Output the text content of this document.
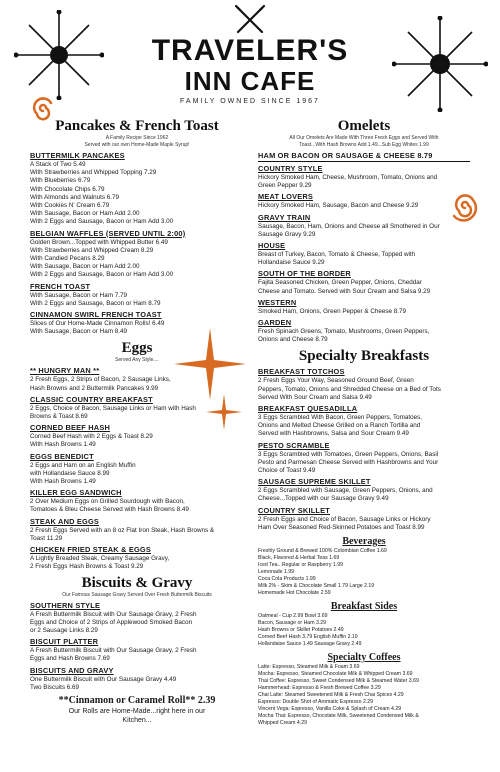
TRAVELER'S
INN CAFE
FAMILY OWNED SINCE 1967
Pancakes & French Toast
A Family Recipe Since 1962
Served with our own Home-Made Maple Syrup!
BUTTERMILK PANCAKES
A Stack of Two 5.49
With Strawberries and Whipped Topping 7.29
With Blueberries 6.79
With Chocolate Chips 6.79
With Almonds and Walnuts 6.79
With Cookies N' Cream 6.79
With Sausage, Bacon or Ham Add 2.00
With 2 Eggs and Sausage, Bacon or Ham Add 3.00
BELGIAN WAFFLES (SERVED UNTIL 2:00)
Golden Brown...Topped with Whipped Butter 6.49
With Strawberries and Whipped Cream 8.29
With Candied Pecans 8.29
With Sausage, Bacon or Ham Add 2.00
With 2 Eggs and Sausage, Bacon or Ham Add 3.00
FRENCH TOAST
With Sausage, Bacon or Ham 7.79
With 2 Eggs and Sausage, Bacon or Ham 8.79
CINNAMON SWIRL FRENCH TOAST
Slices of Our Home-Made Cinnamon Rolls! 6.49
With Sausage, Bacon or Ham 8.49
Eggs
Served Any Style....
** HUNGRY MAN **
2 Fresh Eggs, 2 Strips of Bacon, 2 Sausage Links,
Hash Browns and 2 Buttermilk Pancakes 9.99
CLASSIC COUNTRY BREAKFAST
2 Eggs, Choice of Bacon, Sausage Links or Ham with Hash
Browns & Toast 8.69
CORNED BEEF HASH
Corned Beef Hash with 2 Eggs & Toast 8.29
With Hash Browns 1.49
EGGS BENEDICT
2 Eggs and Ham on an English Muffin
with Hollandaise Sauce 8.99
With Hash Browns 1.49
KILLER EGG SANDWICH
2 Over Medium Eggs on Grilled Sourdough with Bacon,
Tomatoes & Bleu Cheese Served with Hash Browns 8.49
STEAK AND EGGS
2 Fresh Eggs Served with an 8 oz Flat Iron Steak, Hash Browns &
Toast 11.29
CHICKEN FRIED STEAK & EGGS
A Lightly Breaded Steak, Creamy Sausage Gravy,
2 Fresh Eggs Hash Browns & Toast 9.29
Biscuits & Gravy
Our Famous Sausage Gravy Served Over Fresh Buttermilk Biscuits
SOUTHERN STYLE
A Fresh Buttermilk Biscuit with Our Sausage Gravy, 2 Fresh
Eggs and Choice of 2 Strips of Applewood Smoked Bacon
or 2 Sausage Links 8.29
BISCUIT PLATTER
A Fresh Buttermilk Biscuit with Our Sausage Gravy, 2 Fresh
Eggs and Hash Browns 7.69
BISCUITS AND GRAVY
One Buttermilk Biscuit with Our Sausage Gravy 4.49
Two Biscuits 6.69
**Cinnamon or Caramel Roll** 2.39
Our Rolls are Home-Made...right here in our
Kitchen...
Omelets
All Our Omelets Are Made With Three Fresh Eggs and Served With
Toast...With Hash Browns Add 1.49...Sub Egg Whites 1.99
HAM OR BACON OR SAUSAGE & CHEESE 8.79
COUNTRY STYLE
Hickory Smoked Ham, Cheese, Mushroom, Tomato, Onions and
Green Pepper 9.29
MEAT LOVERS
Hickory Smoked Ham, Sausage, Bacon and Cheese 9.29
GRAVY TRAIN
Sausage, Bacon, Ham, Onions and Cheese all Smothered in Our
Sausage Gravy 9.29
HOUSE
Breast of Turkey, Bacon, Tomato & Cheese, Topped with
Hollandaise Sauce 9.29
SOUTH OF THE BORDER
Fajita Seasoned Chicken, Green Pepper, Onions, Cheddar
Cheese and Tomato. Served with Sour Cream and Salsa 9.29
WESTERN
Smoked Ham, Onions, Green Pepper & Cheese 8.79
GARDEN
Fresh Spinach Greens, Tomato, Mushrooms, Green Peppers,
Onions and Cheese 8.79
Specialty Breakfasts
BREAKFAST TOTCHOS
2 Fresh Eggs Your Way, Seasoned Ground Beef, Green
Peppers, Tomato, Onions and Shredded Cheese on a Bed of Tots
Served With Sour Cream and Salsa 9.49
BREAKFAST QUESADILLA
3 Eggs Scrambled With Bacon, Green Peppers, Tomatoes,
Onions and Melted Cheese Grilled on a Ranch Tortilla and
Served with Hashbrowns, Salsa and Sour Cream 9.49
PESTO SCRAMBLE
3 Eggs Scrambled with Tomatoes, Green Peppers, Onions, Basil
Pesto and Parmesan Cheese Served with Hashbrowns and Your
Choice of Toast 9.49
SAUSAGE SUPREME SKILLET
2 Eggs Scrambled with Sausage, Green Peppers, Onions, and
Cheese...Topped with our Sausage Gravy 9.49
COUNTRY SKILLET
2 Fresh Eggs and Choice of Bacon, Sausage Links or Hickory
Ham Over Seasoned Red-Skinned Potatoes and Toast 8.99
Beverages
Freshly Ground & Brewed 100% Colombian Coffee 1.69
Black, Flavored & Herbal Teas 1.69
Iced Tea...Regular or Raspberry 1.99
Lemonade 1.99
Coca Cola Products 1.99
Milk 2% - Skim & Chocolate Small 1.79 Large 2.19
Homemade Hot Chocolate 2.59
Breakfast Sides
Oatmeal - Cup 2.99 Bowl 3.69
Bacon, Sausage or Ham 3.29
Hash Browns or Skillet Potatoes 2.49
Corned Beef Hash 3.79 English Muffin 2.19
Hollandaise Sauce 1.49 Sausage Gravy 2.49
Specialty Coffees
Latte: Espresso, Steamed Milk & Foam 3.69
Mocha: Espresso, Steamed Chocolate Milk & Whipped Cream 3.69
Thai Coffee: Espresso, Sweet Condensed Milk & Steamed Water 3.69
Hammerhead: Espresso & Fresh Brewed Coffee 3.29
Chai Latte: Steamed Sweetened Milk & Fresh Chai Spices 4.29
Espresso: Double Shot of Aromatic Espresso 2.29
Vincent Vega: Espresso, Vanilla Coke & Splash of Cream 4.29
Mocha Thai: Espresso, Chocolate Milk, Sweetened Condensed Milk &
Whipped Cream 4.29
